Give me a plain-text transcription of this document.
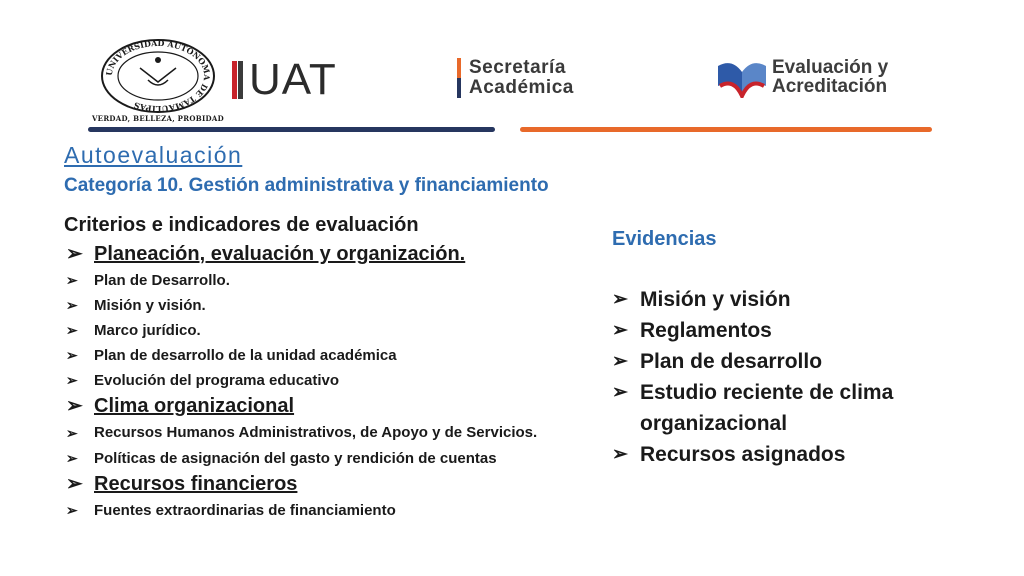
UNIVERSIDAD AUTÓNOMA DE TAMAULIPAS
VERDAD, BELLEZA, PROBIDAD
UAT	Secretaría
Académica
Evaluación y
Acreditación
Autoevaluación
Categoría 10. Gestión administrativa y financiamiento
Criterios e indicadores de evaluación
➢ Planeación, evaluación y organización.
➢ Plan de Desarrollo.
➢ Misión y visión.
➢ Marco jurídico.
➢ Plan de desarrollo de la unidad académica
➢ Evolución del programa educativo
➢ Clima organizacional
➢ Recursos Humanos Administrativos, de Apoyo y de Servicios.
➢ Políticas de asignación del gasto y rendición de cuentas
➢ Recursos financieros
➢ Fuentes extraordinarias de financiamiento
Evidencias
➢ Misión y visión
➢ Reglamentos
➢ Plan de desarrollo
➢ Estudio reciente de clima organizacional
➢ Recursos asignados
